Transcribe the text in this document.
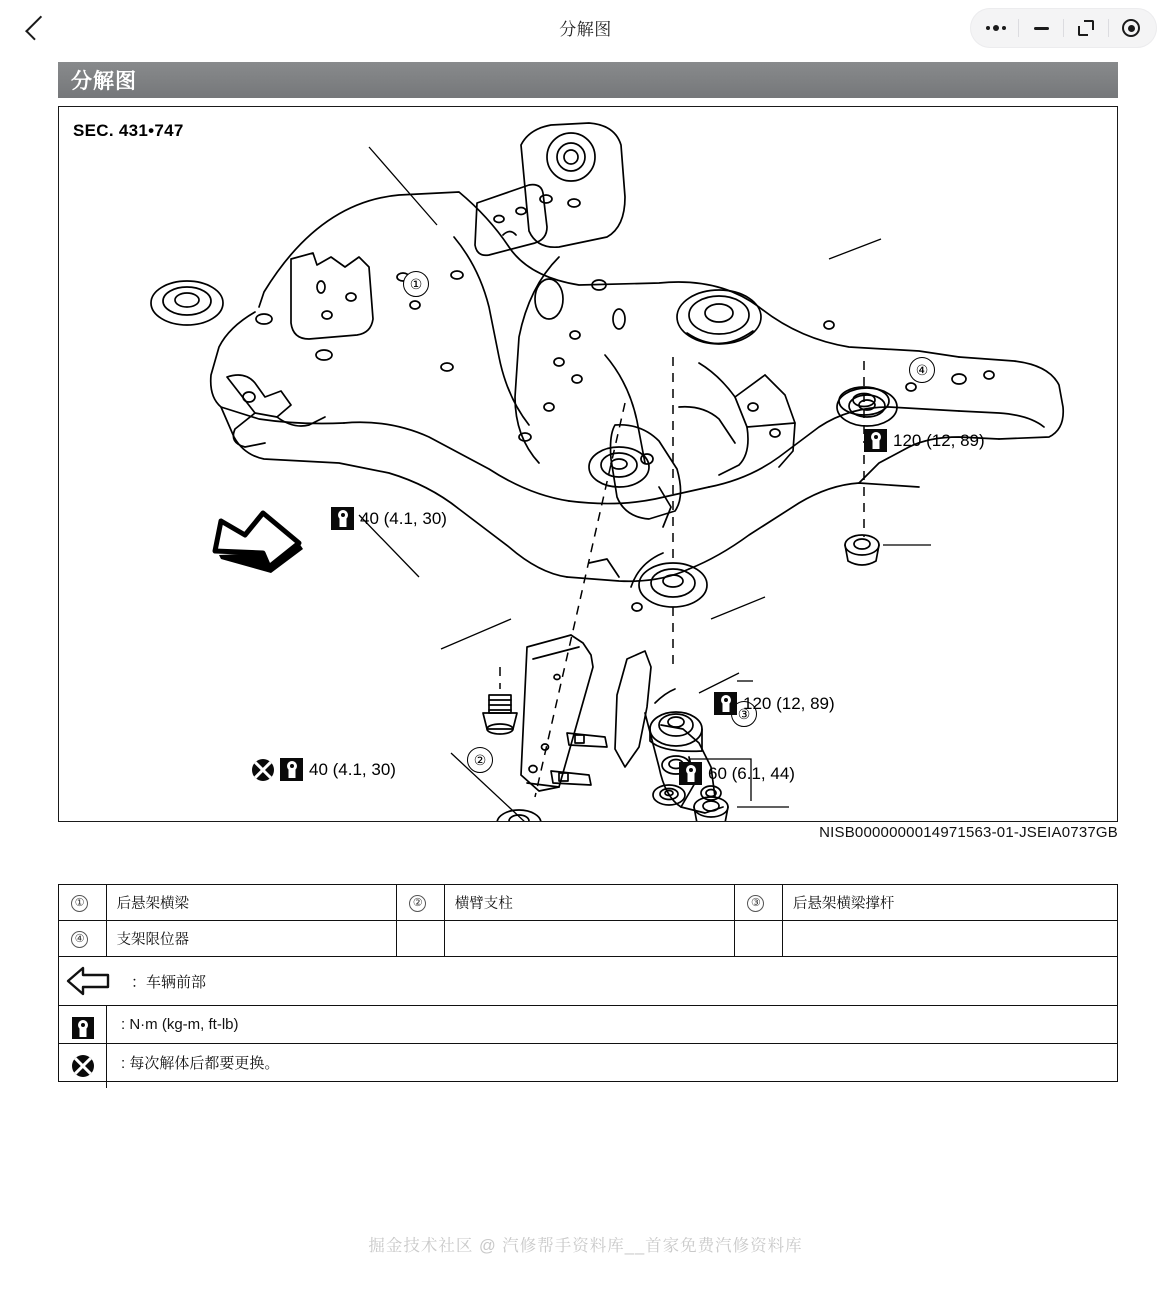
分解图
分解图
SEC. 431•747
①
②
③
④
120 (12, 89)
40 (4.1, 30)
120 (12, 89)
40 (4.1, 30)	60 (6.1, 44)
NISB0000000014971563-01-JSEIA0737GB
①	后悬架横梁	②	横臂支柱	③	后悬架横梁撑杆
④	支架限位器				
：车辆前部
: N·m (kg-m, ft-lb)
: 每次解体后都要更换。
掘金技术社区 @ 汽修帮手资料库__首家免费汽修资料库
